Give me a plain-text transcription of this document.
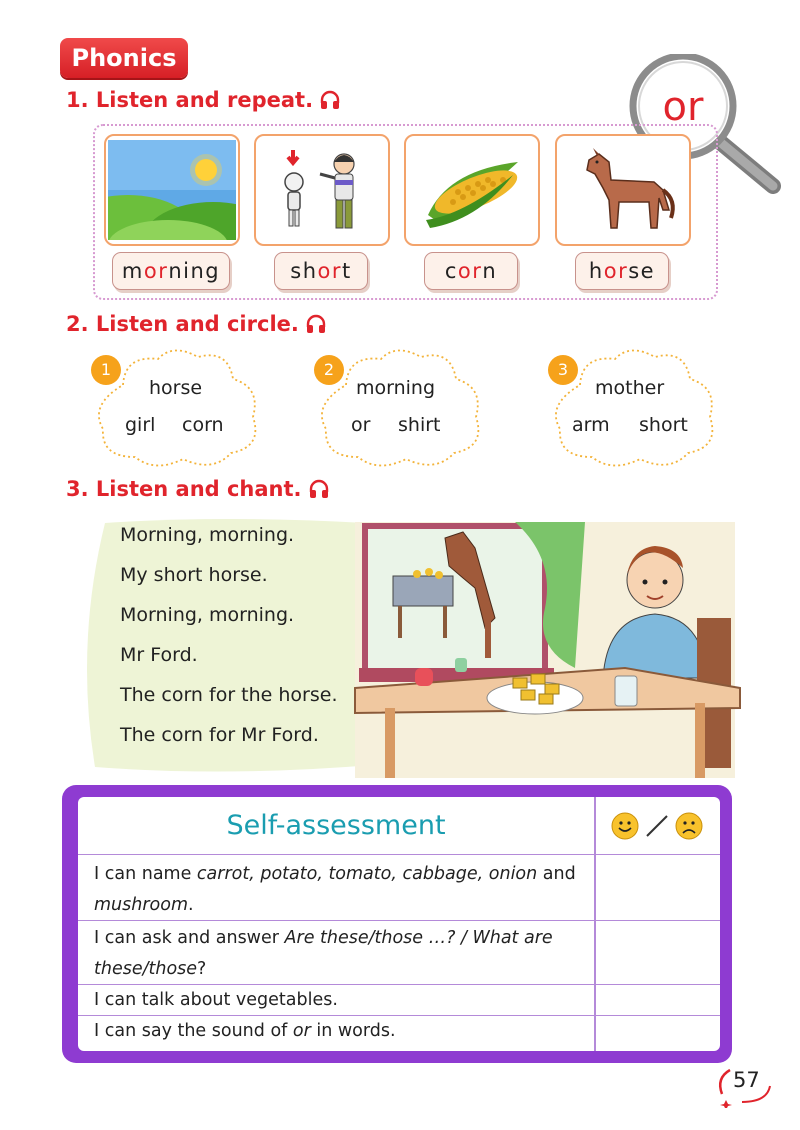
Phonics
or
1. Listen and repeat.
m or ning	sh or t	c or n	h or se
2. Listen and circle.
1
horse
girl corn
2
morning
or shirt
3
mother
arm short
3. Listen and chant.
Morning, morning.
My short horse.
Morning, morning.
Mr Ford.
The corn for the horse.
The corn for Mr Ford.
Self-assessment
I can name carrot, potato, tomato, cabbage, onion and mushroom.
I can ask and answer Are these/those …? / What are these/those?
I can talk about vegetables.
I can say the sound of or in words.
57
